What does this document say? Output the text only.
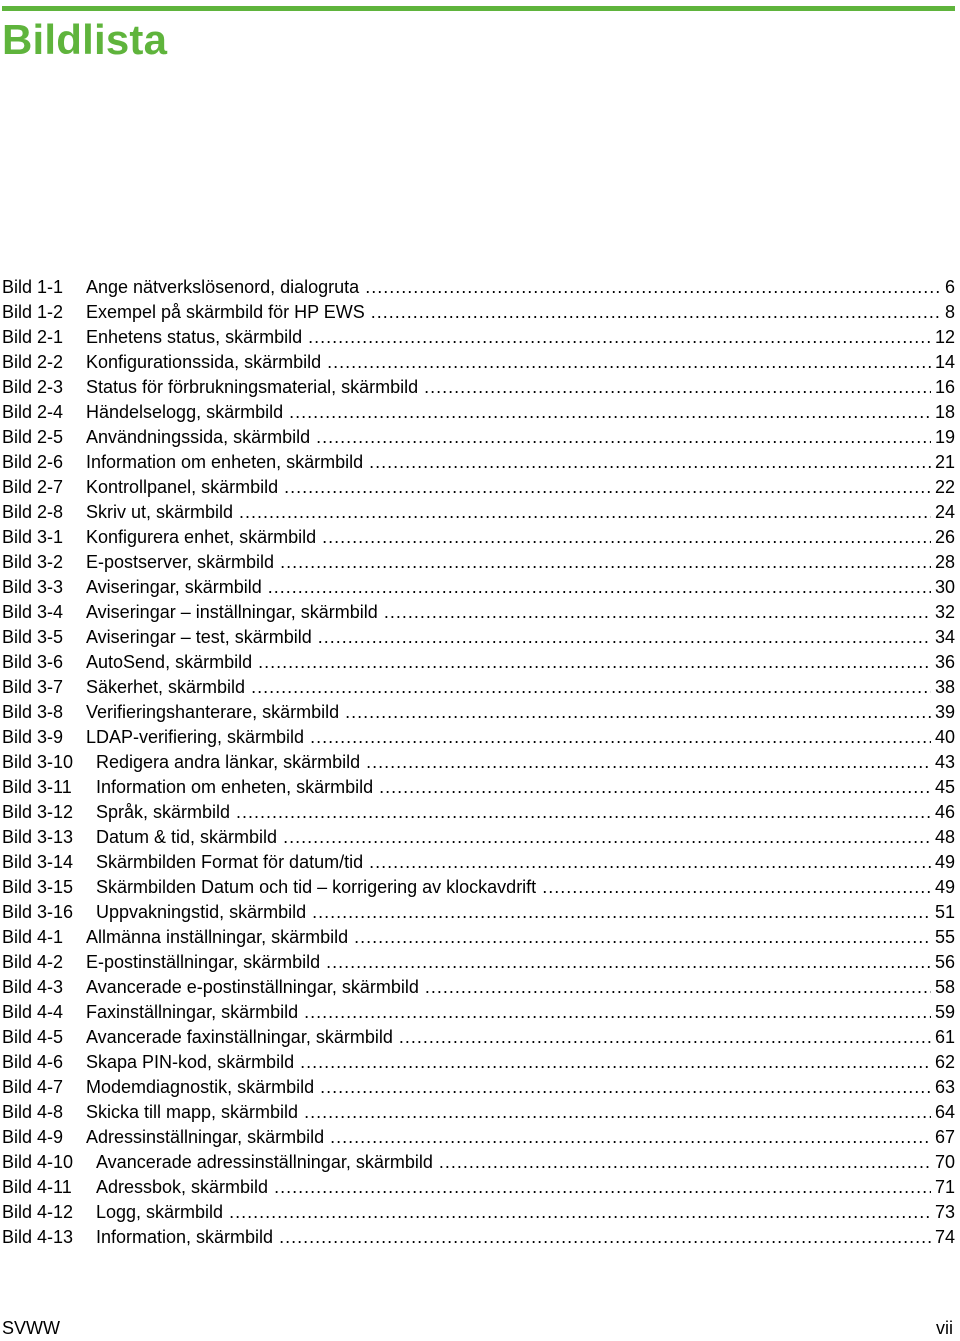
Bildlista
Bild 1-1	Ange nätverkslösenord, dialogruta .....	6
Bild 1-2	Exempel på skärmbild för HP EWS .....	8
Bild 2-1	Enhetens status, skärmbild .....	12
Bild 2-2	Konfigurationssida, skärmbild .....	14
Bild 2-3	Status för förbrukningsmaterial, skärmbild .....	16
Bild 2-4	Händelselogg, skärmbild .....	18
Bild 2-5	Användningssida, skärmbild .....	19
Bild 2-6	Information om enheten, skärmbild .....	21
Bild 2-7	Kontrollpanel, skärmbild .....	22
Bild 2-8	Skriv ut, skärmbild .....	24
Bild 3-1	Konfigurera enhet, skärmbild .....	26
Bild 3-2	E-postserver, skärmbild .....	28
Bild 3-3	Aviseringar, skärmbild .....	30
Bild 3-4	Aviseringar – inställningar, skärmbild .....	32
Bild 3-5	Aviseringar – test, skärmbild .....	34
Bild 3-6	AutoSend, skärmbild .....	36
Bild 3-7	Säkerhet, skärmbild .....	38
Bild 3-8	Verifieringshanterare, skärmbild .....	39
Bild 3-9	LDAP-verifiering, skärmbild .....	40
Bild 3-10	Redigera andra länkar, skärmbild .....	43
Bild 3-11	Information om enheten, skärmbild .....	45
Bild 3-12	Språk, skärmbild .....	46
Bild 3-13	Datum & tid, skärmbild .....	48
Bild 3-14	Skärmbilden Format för datum/tid .....	49
Bild 3-15	Skärmbilden Datum och tid – korrigering av klockavdrift .....	49
Bild 3-16	Uppvakningstid, skärmbild .....	51
Bild 4-1	Allmänna inställningar, skärmbild .....	55
Bild 4-2	E-postinställningar, skärmbild .....	56
Bild 4-3	Avancerade e-postinställningar, skärmbild .....	58
Bild 4-4	Faxinställningar, skärmbild .....	59
Bild 4-5	Avancerade faxinställningar, skärmbild .....	61
Bild 4-6	Skapa PIN-kod, skärmbild .....	62
Bild 4-7	Modemdiagnostik, skärmbild .....	63
Bild 4-8	Skicka till mapp, skärmbild .....	64
Bild 4-9	Adressinställningar, skärmbild .....	67
Bild 4-10	Avancerade adressinställningar, skärmbild .....	70
Bild 4-11	Adressbok, skärmbild .....	71
Bild 4-12	Logg, skärmbild .....	73
Bild 4-13	Information, skärmbild .....	74
SVWW	vii
